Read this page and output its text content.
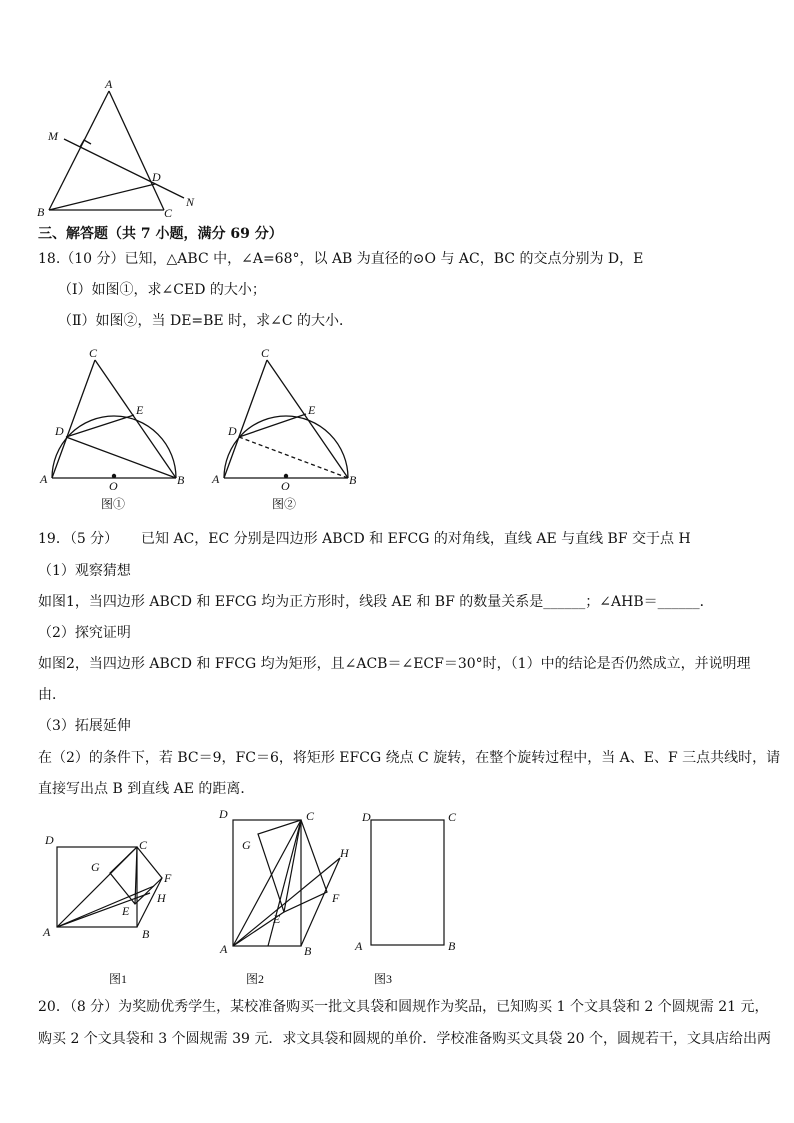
A
M
D
N
B	C
三、解答题（共 7 小题，满分 69 分）
18.（10 分）已知，△ABC 中，∠A=68°，以 AB 为直径的⊙O 与 AC，BC 的交点分别为 D，E
（Ⅰ）如图①，求∠CED 的大小；
（Ⅱ）如图②，当 DE=BE 时，求∠C 的大小．
C
D
E
A	O	B
图①
C
D
E
A	O	B
图②
19．（5 分） 已知 AC，EC 分别是四边形 ABCD 和 EFCG 的对角线，直线 AE 与直线 BF 交于点 H
（1）观察猜想
如图1，当四边形 ABCD 和 EFCG 均为正方形时，线段 AE 和 BF 的数量关系是______；∠AHB＝______．
（2）探究证明
如图2，当四边形 ABCD 和 FFCG 均为矩形，且∠ACB＝∠ECF＝30°时，（1）中的结论是否仍然成立，并说明理
由．
（3）拓展延伸
在（2）的条件下，若 BC＝9，FC＝6，将矩形 EFCG 绕点 C 旋转，在整个旋转过程中，当 A、E、F 三点共线时，请
直接写出点 B 到直线 AE 的距离．
D	C
G
F
E
H
A	B
图1
D	C
G
H
F
E
A	B
图2
D	C
A	B
图3
20．（8 分）为奖励优秀学生，某校准备购买一批文具袋和圆规作为奖品，已知购买 1 个文具袋和 2 个圆规需 21 元，
购买 2 个文具袋和 3 个圆规需 39 元．求文具袋和圆规的单价．学校准备购买文具袋 20 个，圆规若干，文具店给出两
